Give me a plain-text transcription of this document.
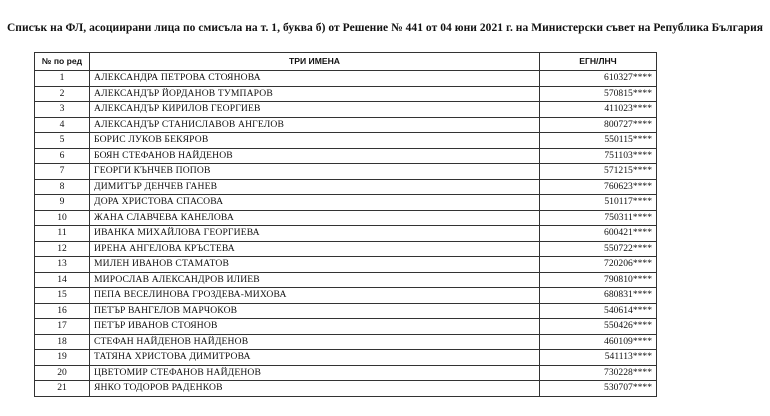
Списък на ФЛ, асоциирани лица по смисъла на т. 1, буква б) от Решение № 441 от 04 юни 2021 г. на Министерски съвет на Република България
№ по ред	ТРИ ИМЕНА	ЕГН/ЛНЧ
1	АЛЕКСАНДРА ПЕТРОВА СТОЯНОВА	610327****
2	АЛЕКСАНДЪР ЙОРДАНОВ ТУМПАРОВ	570815****
3	АЛЕКСАНДЪР КИРИЛОВ ГЕОРГИЕВ	411023****
4	АЛЕКСАНДЪР СТАНИСЛАВОВ АНГЕЛОВ	800727****
5	БОРИС ЛУКОВ БЕКЯРОВ	550115****
6	БОЯН СТЕФАНОВ НАЙДЕНОВ	751103****
7	ГЕОРГИ КЪНЧЕВ ПОПОВ	571215****
8	ДИМИТЪР ДЕНЧЕВ ГАНЕВ	760623****
9	ДОРА ХРИСТОВА СПАСОВА	510117****
10	ЖАНА СЛАВЧЕВА КАНЕЛОВА	750311****
11	ИВАНКА МИХАЙЛОВА ГЕОРГИЕВА	600421****
12	ИРЕНА АНГЕЛОВА КРЪСТЕВА	550722****
13	МИЛЕН ИВАНОВ СТАМАТОВ	720206****
14	МИРОСЛАВ АЛЕКСАНДРОВ ИЛИЕВ	790810****
15	ПЕПА ВЕСЕЛИНОВА ГРОЗДЕВА-МИХОВА	680831****
16	ПЕТЪР ВАНГЕЛОВ МАРЧОКОВ	540614****
17	ПЕТЪР ИВАНОВ СТОЯНОВ	550426****
18	СТЕФАН НАЙДЕНОВ НАЙДЕНОВ	460109****
19	ТАТЯНА ХРИСТОВА ДИМИТРОВА	541113****
20	ЦВЕТОМИР СТЕФАНОВ НАЙДЕНОВ	730228****
21	ЯНКО ТОДОРОВ РАДЕНКОВ	530707****
